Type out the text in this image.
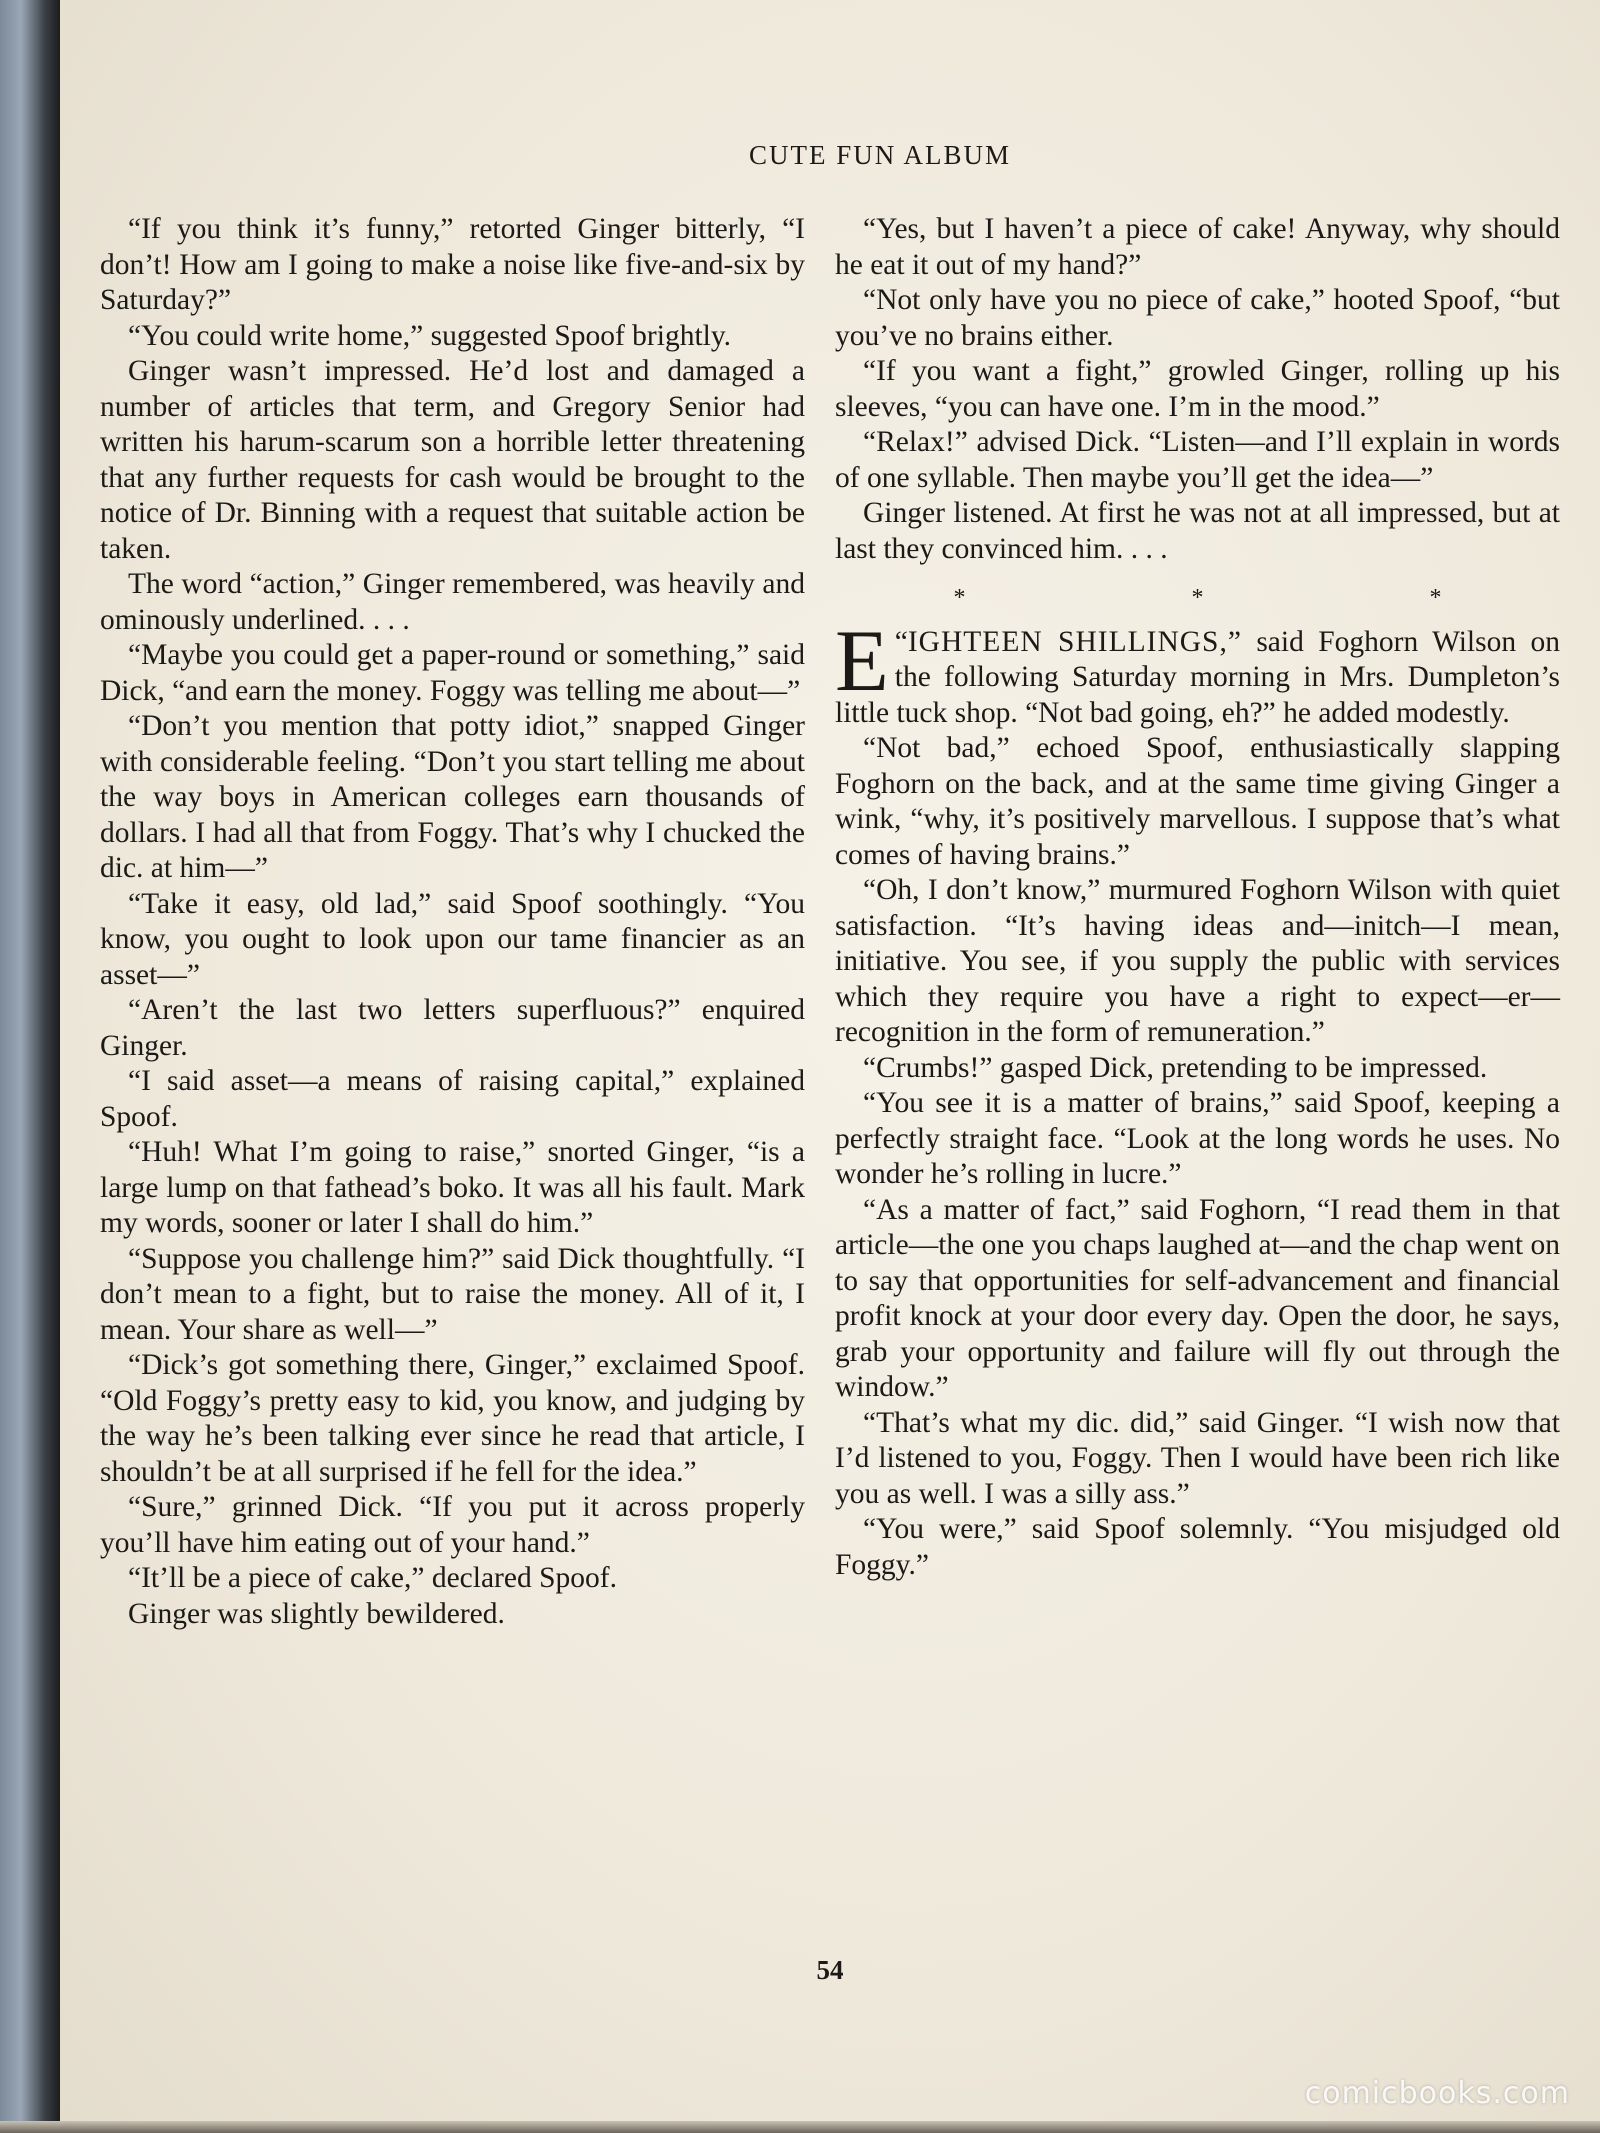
CUTE FUN ALBUM

“If you think it’s funny,” retorted Ginger bitterly, “I don’t! How am I going to make a noise like five-and-six by Saturday?”

“You could write home,” suggested Spoof brightly.

Ginger wasn’t impressed. He’d lost and damaged a number of articles that term, and Gregory Senior had written his harum-scarum son a horrible letter threatening that any further requests for cash would be brought to the notice of Dr. Binning with a request that suitable action be taken.

The word “action,” Ginger remembered, was heavily and ominously underlined. . . .

“Maybe you could get a paper-round or something,” said Dick, “and earn the money. Foggy was telling me about—”

“Don’t you mention that potty idiot,” snapped Ginger with considerable feeling. “Don’t you start telling me about the way boys in American colleges earn thousands of dollars. I had all that from Foggy. That’s why I chucked the dic. at him—”

“Take it easy, old lad,” said Spoof soothingly. “You know, you ought to look upon our tame financier as an asset—”

“Aren’t the last two letters superfluous?” enquired Ginger.

“I said asset—a means of raising capital,” explained Spoof.

“Huh! What I’m going to raise,” snorted Ginger, “is a large lump on that fathead’s boko. It was all his fault. Mark my words, sooner or later I shall do him.”

“Suppose you challenge him?” said Dick thoughtfully. “I don’t mean to a fight, but to raise the money. All of it, I mean. Your share as well—”

“Dick’s got something there, Ginger,” exclaimed Spoof. “Old Foggy’s pretty easy to kid, you know, and judging by the way he’s been talking ever since he read that article, I shouldn’t be at all surprised if he fell for the idea.”

“Sure,” grinned Dick. “If you put it across properly you’ll have him eating out of your hand.”

“It’ll be a piece of cake,” declared Spoof.

Ginger was slightly bewildered.

“Yes, but I haven’t a piece of cake! Anyway, why should he eat it out of my hand?”

“Not only have you no piece of cake,” hooted Spoof, “but you’ve no brains either.

“If you want a fight,” growled Ginger, rolling up his sleeves, “you can have one. I’m in the mood.”

“Relax!” advised Dick. “Listen—and I’ll explain in words of one syllable. Then maybe you’ll get the idea—”

Ginger listened. At first he was not at all impressed, but at last they convinced him. . . .

* * *

“
E IGHTEEN SHILLINGS,” said Foghorn Wilson on the following Saturday morning in Mrs. Dumpleton’s little tuck shop. “Not bad going, eh?” he added modestly.

“Not bad,” echoed Spoof, enthusiastically slapping Foghorn on the back, and at the same time giving Ginger a wink, “why, it’s positively marvellous. I suppose that’s what comes of having brains.”

“Oh, I don’t know,” murmured Foghorn Wilson with quiet satisfaction. “It’s having ideas and—initch—I mean, initiative. You see, if you supply the public with services which they require you have a right to expect—er—recognition in the form of remuneration.”

“Crumbs!” gasped Dick, pretending to be impressed.

“You see it is a matter of brains,” said Spoof, keeping a perfectly straight face. “Look at the long words he uses. No wonder he’s rolling in lucre.”

“As a matter of fact,” said Foghorn, “I read them in that article—the one you chaps laughed at—and the chap went on to say that opportunities for self-advancement and financial profit knock at your door every day. Open the door, he says, grab your opportunity and failure will fly out through the window.”

“That’s what my dic. did,” said Ginger. “I wish now that I’d listened to you, Foggy. Then I would have been rich like you as well. I was a silly ass.”

“You were,” said Spoof solemnly. “You misjudged old Foggy.”

54
comicbooks.com
